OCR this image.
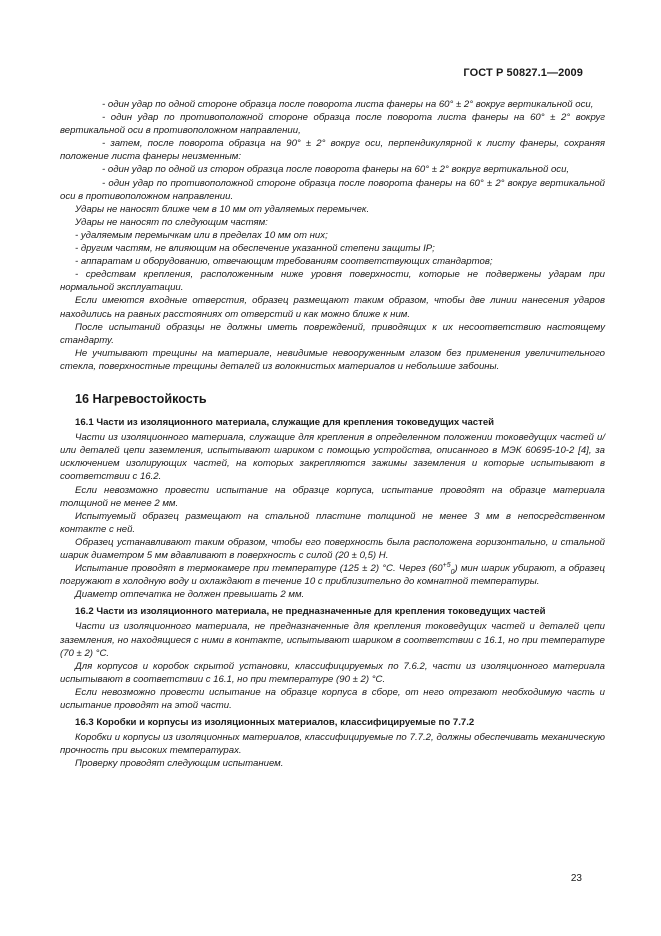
ГОСТ Р 50827.1—2009

- один удар по одной стороне образца после поворота листа фанеры на 60° ± 2° вокруг вертикальной оси,

- один удар по противоположной стороне образца после поворота листа фанеры на 60° ± 2° вокруг вертикальной оси в противоположном направлении,

- затем, после поворота образца на 90° ± 2° вокруг оси, перпендикулярной к листу фанеры, сохраняя положение листа фанеры неизменным:

- один удар по одной из сторон образца после поворота фанеры на 60° ± 2° вокруг вертикальной оси,

- один удар по противоположной стороне образца после поворота фанеры на 60° ± 2° вокруг вертикальной оси в противоположном направлении.

Удары не наносят ближе чем в 10 мм от удаляемых перемычек.

Удары не наносят по следующим частям:

- удаляемым перемычкам или в пределах 10 мм от них;

- другим частям, не влияющим на обеспечение указанной степени защиты IP;

- аппаратам и оборудованию, отвечающим требованиям соответствующих стандартов;

- средствам крепления, расположенным ниже уровня поверхности, которые не подвержены ударам при нормальной эксплуатации.

Если имеются входные отверстия, образец размещают таким образом, чтобы две линии нанесения ударов находились на равных расстояниях от отверстий и как можно ближе к ним.

После испытаний образцы не должны иметь повреждений, приводящих к их несоответствию настоящему стандарту.

Не учитывают трещины на материале, невидимые невооруженным глазом без применения увеличительного стекла, поверхностные трещины деталей из волокнистых материалов и небольшие забоины.

16 Нагревостойкость

16.1 Части из изоляционного материала, служащие для крепления токоведущих частей

Части из изоляционного материала, служащие для крепления в определенном положении токоведущих частей и/или деталей цепи заземления, испытывают шариком с помощью устройства, описанного в МЭК 60695-10-2 [4], за исключением изолирующих частей, на которых закрепляются зажимы заземления и которые испытывают в соответствии с 16.2.

Если невозможно провести испытание на образце корпуса, испытание проводят на образце материала толщиной не менее 2 мм.

Испытуемый образец размещают на стальной пластине толщиной не менее 3 мм в непосредственном контакте с ней.

Образец устанавливают таким образом, чтобы его поверхность была расположена горизонтально, и стальной шарик диаметром 5 мм вдавливают в поверхность с силой (20 ± 0,5) Н.

Испытание проводят в термокамере при температуре (125 ± 2) °С. Через $(60^{+5}_0)$ мин шарик убирают, а образец погружают в холодную воду и охлаждают в течение 10 с приблизительно до комнатной температуры.

Диаметр отпечатка не должен превышать 2 мм.

16.2 Части из изоляционного материала, не предназначенные для крепления токоведущих частей

Части из изоляционного материала, не предназначенные для крепления токоведущих частей и деталей цепи заземления, но находящиеся с ними в контакте, испытывают шариком в соответствии с 16.1, но при температуре (70 ± 2) °С.

Для корпусов и коробок скрытой установки, классифицируемых по 7.6.2, части из изоляционного материала испытывают в соответствии с 16.1, но при температуре (90 ± 2) °С.

Если невозможно провести испытание на образце корпуса в сборе, от него отрезают необходимую часть и испытание проводят на этой части.

16.3 Коробки и корпусы из изоляционных материалов, классифицируемые по 7.7.2

Коробки и корпусы из изоляционных материалов, классифицируемые по 7.7.2, должны обеспечивать механическую прочность при высоких температурах.

Проверку проводят следующим испытанием.

23
